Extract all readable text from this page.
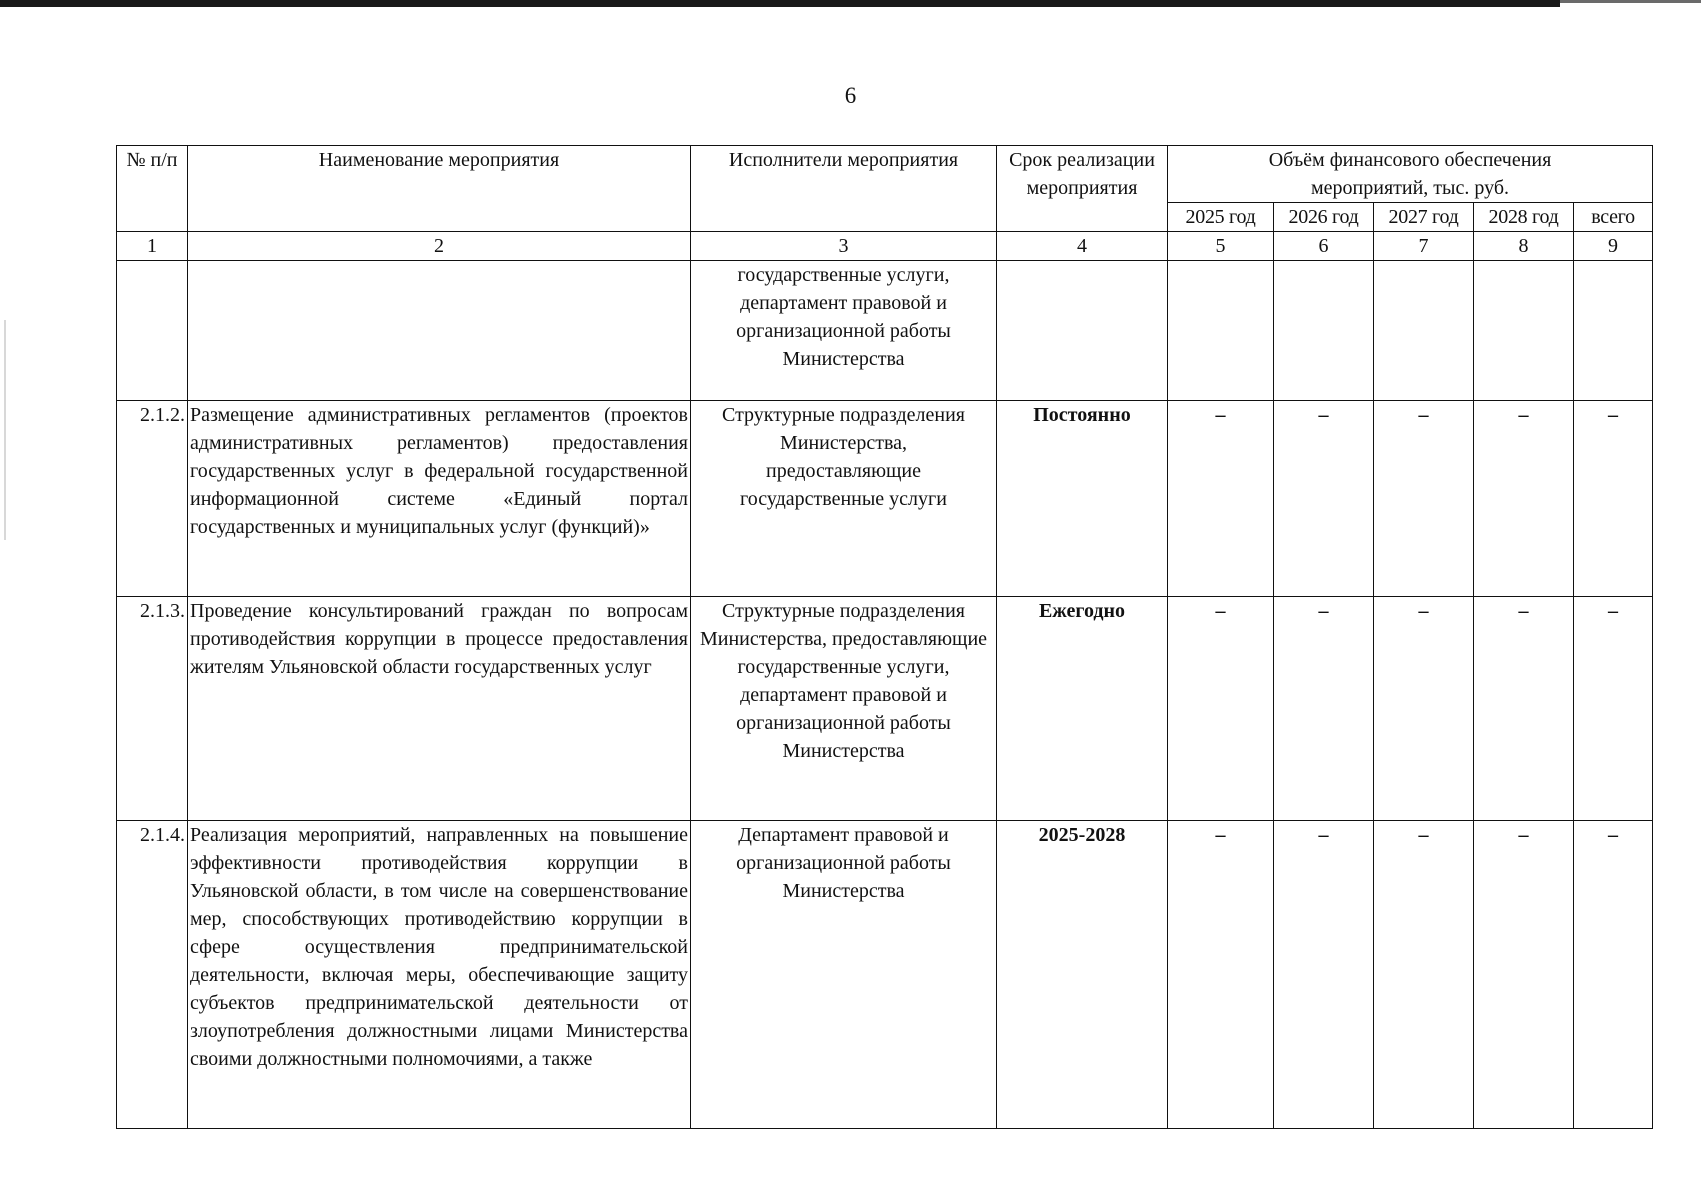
6
№ п/п	Наименование мероприятия	Исполнители мероприятия	Срок реализации мероприятия	Объём финансового обеспечения мероприятий, тыс. руб.				
				2025 год	2026 год	2027 год	2028 год	всего
1	2	3	4	5	6	7	8	9
		государственные услуги, департамент правовой и организационной работы Министерства						
2.1.2.	Размещение административных регламентов (проектов административных регламентов) предоставления государственных услуг в федеральной государственной информационной системе «Единый портал государственных и муниципальных услуг (функций)»	Структурные подразделения Министерства, предоставляющие государственные услуги	Постоянно	–	–	–	–	–
2.1.3.	Проведение консультирований граждан по вопросам противодействия коррупции в процессе предоставления жителям Ульяновской области государственных услуг	Структурные подразделения Министерства, предоставляющие государственные услуги, департамент правовой и организационной работы Министерства	Ежегодно	–	–	–	–	–
2.1.4.	Реализация мероприятий, направленных на повышение эффективности противодействия коррупции в Ульяновской области, в том числе на совершенствование мер, способствующих противодействию коррупции в сфере осуществления предпринимательской деятельности, включая меры, обеспечивающие защиту субъектов предпринимательской деятельности от злоупотребления должностными лицами Министерства своими должностными полномочиями, а также	Департамент правовой и организационной работы Министерства	2025-2028	–	–	–	–	–
